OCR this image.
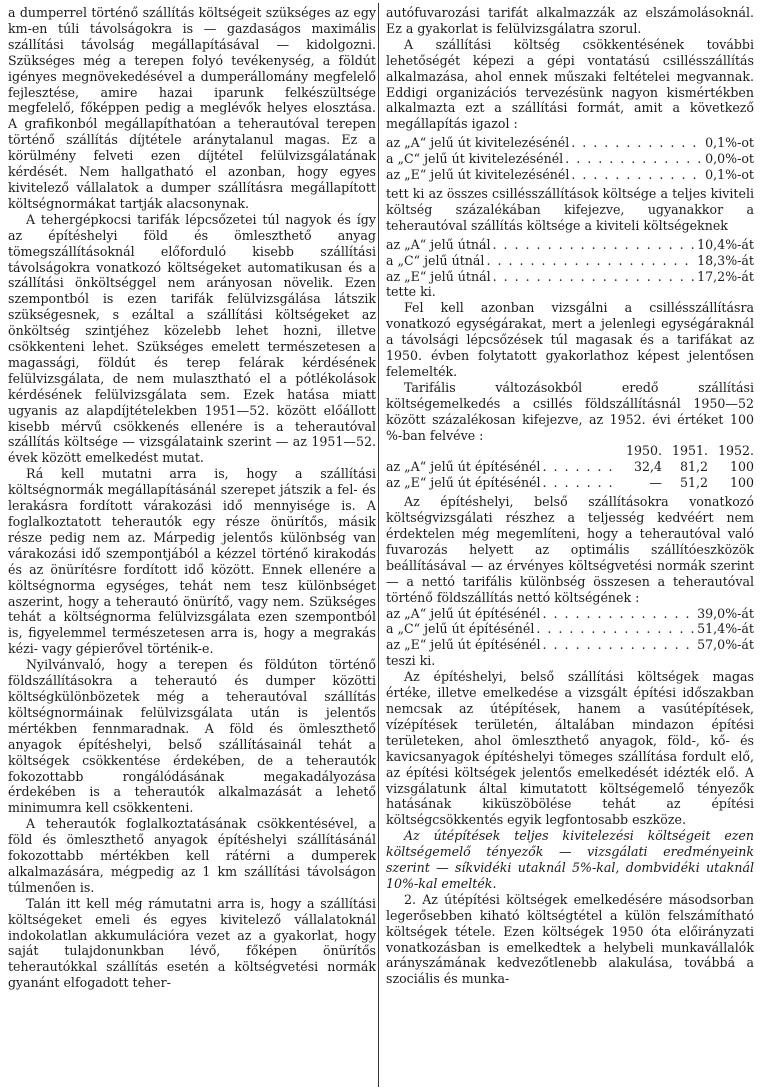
a dumperrel történő szállítás költségeit szükséges az egy km-en túli távolságokra is — gazdaságos maximális szállítási távolság megállapításával — kidolgozni. Szükséges még a terepen folyó tevékenység, a földút igényes megnövekedésével a dumperállomány megfelelő fejlesztése, amire hazai iparunk felkészültsége megfelelő, főképpen pedig a meglévők helyes elosztása. A grafikonból megállapíthatóan a teherautóval terepen történő szállítás díjtétele aránytalanul magas. Ez a körülmény felveti ezen díjtétel felülvizsgálatának kérdését. Nem hallgatható el azonban, hogy egyes kivitelező vállalatok a dumper szállításra megállapított költségnormákat tartják alacsonynak.

A tehergépkocsi tarifák lépcsőzetei túl nagyok és így az építéshelyi föld és ömleszthető anyag tömegszállításoknál előforduló kisebb szállítási távolságokra vonatkozó költségeket automatikusan és a szállítási önköltséggel nem arányosan növelik. Ezen szempontból is ezen tarifák felülvizsgálása látszik szükségesnek, s ezáltal a szállítási költségeket az önköltség szintjéhez közelebb lehet hozni, illetve csökkenteni lehet. Szükséges emelett természetesen a magassági, földút és terep felárak kérdésének felülvizsgálata, de nem mulasztható el a pótlékolások kérdésének felülvizsgálata sem. Ezek hatása miatt ugyanis az alapdíjtételekben 1951—52. között előállott kisebb mérvű csökkenés ellenére is a teherautóval szállítás költsége — vizsgálataink szerint — az 1951—52. évek között emelkedést mutat.

Rá kell mutatni arra is, hogy a szállítási költségnormák megállapításánál szerepet játszik a fel- és lerakásra fordított várakozási idő mennyisége is. A foglalkoztatott teherautók egy része önürítős, másik része pedig nem az. Márpedig jelentős különbség van várakozási idő szempontjából a kézzel történő kirakodás és az önürítésre fordított idő között. Ennek ellenére a költségnorma egységes, tehát nem tesz különbséget aszerint, hogy a teherautó önürítő, vagy nem. Szükséges tehát a költségnorma felülvizsgálata ezen szempontból is, figyelemmel természetesen arra is, hogy a megrakás kézi- vagy gépierővel történik-e.

Nyilvánvaló, hogy a terepen és földúton történő földszállításokra a teherautó és dumper közötti költségkülönbözetek még a teherautóval szállítás költségnormáinak felülvizsgálata után is jelentős mértékben fennmaradnak. A föld és ömleszthető anyagok építéshelyi, belső szállításainál tehát a költségek csökkentése érdekében, de a teherautók fokozottabb rongálódásának megakadályozása érdekében is a teherautók alkalmazását a lehető minimumra kell csökkenteni.

A teherautók foglalkoztatásának csökkentésével, a föld és ömleszthető anyagok építéshelyi szállításánál fokozottabb mértékben kell rátérni a dumperek alkalmazására, mégpedig az 1 km szállítási távolságon túlmenően is.

Talán itt kell még rámutatni arra is, hogy a szállítási költségeket emeli és egyes kivitelező vállalatoknál indokolatlan akkumulációra vezet az a gyakorlat, hogy saját tulajdonunkban lévő, főképen önürítős teherautókkal szállítás esetén a költségvetési normák gyanánt elfogadott teher-

autófuvarozási tarifát alkalmazzák az elszámolásoknál. Ez a gyakorlat is felülvizsgálatra szorul.

A szállítási költség csökkentésének további lehetőségét képezi a gépi vontatású csillésszállítás alkalmazása, ahol ennek műszaki feltételei megvannak. Eddigi organizációs tervezésünk nagyon kismértékben alkalmazta ezt a szállítási formát, amit a következő megállapítás igazol :

az „A“ jelű út kivitelezésénél . . .	0,1%-ot
a „C“ jelű út kivitelezésénél . . .	0,0%-ot
az „E“ jelű út kivitelezésénél . . .	0,1%-ot

tett ki az összes csillésszállítások költsége a teljes kiviteli költség százalékában kifejezve, ugyanakkor a teherautóval szállítás költsége a kiviteli költségeknek

az „A“ jelű útnál . . .	10,4%-át
a „C“ jelű útnál . . .	18,3%-át
az „E“ jelű útnál . . .	17,2%-át

tette ki.

Fel kell azonban vizsgálni a csillésszállításra vonatkozó egységárakat, mert a jelenlegi egységáraknál a távolsági lépcsőzések túl magasak és a tarifákat az 1950. évben folytatott gyakorlathoz képest jelentősen felemelték.

Tarifális változásokból eredő szállítási költségemelkedés a csillés földszállításnál 1950—52 között százalékosan kifejezve, az 1952. évi értéket 100 %-ban felvéve :

1950. 1951. 1952.
az „A“ jelű út építésénél . . .	32,4	81,2	100
az „E“ jelű út építésénél . . .	—	51,2	100

Az építéshelyi, belső szállításokra vonatkozó költségvizsgálati részhez a teljesség kedvéért nem érdektelen még megemlíteni, hogy a teherautóval való fuvarozás helyett az optimális szállítóeszközök beállításával — az érvényes költségvetési normák szerint — a nettó tarifális különbség összesen a teherautóval történő földszállítás nettó költségének :

az „A“ jelű út építésénél . . .	39,0%-át
a „C“ jelű út építésénél . . .	51,4%-át
az „E“ jelű út építésénél . . .	57,0%-át

teszi ki.

Az építéshelyi, belső szállítási költségek magas értéke, illetve emelkedése a vizsgált építési időszakban nemcsak az útépítések, hanem a vasútépítések, vízépítések területén, általában mindazon építési területeken, ahol ömleszthető anyagok, föld-, kő- és kavicsanyagok építéshelyi tömeges szállítása fordult elő, az építési költségek jelentős emelkedését idézték elő. A vizsgálatunk által kimutatott költségemelő tényezők hatásának kiküszöbölése tehát az építési költségcsökkentés egyik legfontosabb eszköze.

Az útépítések teljes kivitelezési költségeit ezen költségemelő tényezők — vizsgálati eredményeink szerint — síkvidéki utaknál 5%-kal, dombvidéki utaknál 10%-kal emelték.

2. Az útépítési költségek emelkedésére másodsorban legerősebben kiható költségtétel a külön felszámítható költségek tétele. Ezen költségek 1950 óta előirányzati vonatkozásban is emelkedtek a helybeli munkavállalók arányszámának kedvezőtlenebb alakulása, továbbá a szociális és munka-
